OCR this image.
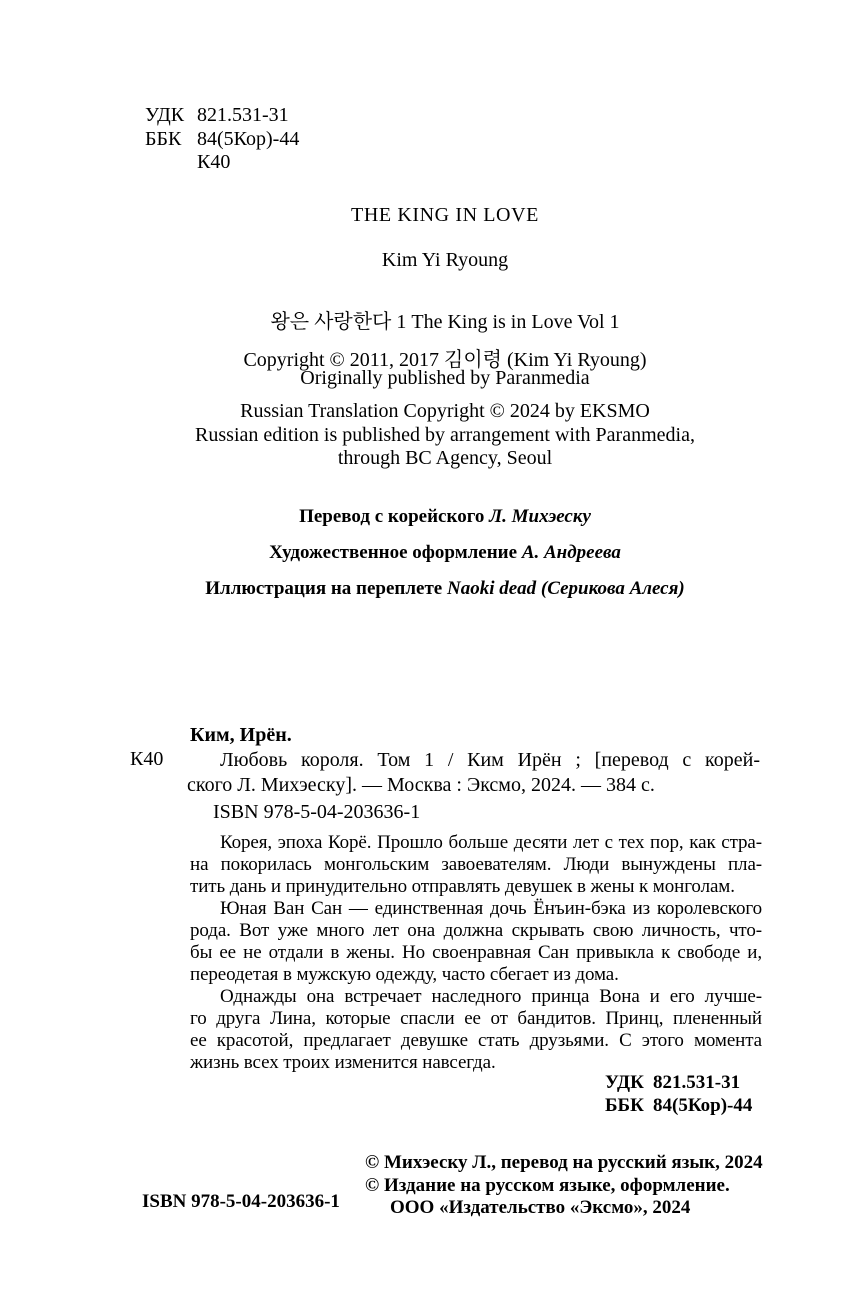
УДК 821.531-31
ББК 84(5Кор)-44
К40
THE KING IN LOVE
Kim Yi Ryoung
왕은 사랑한다 1 The King is in Love Vol 1
Copyright © 2011, 2017 김이령 (Kim Yi Ryoung)
Originally published by Paranmedia
Russian Translation Copyright © 2024 by EKSMO
Russian edition is published by arrangement with Paranmedia,
through BC Agency, Seoul
Перевод с корейского Л. Михэеску
Художественное оформление А. Андреева
Иллюстрация на переплете Naoki dead (Серикова Алеся)
Ким, Ирён.
К40	Любовь короля. Том 1 / Ким Ирён ; [перевод с корей-
ского Л. Михэеску]. — Москва : Эксмо, 2024. — 384 с.
ISBN 978-5-04-203636-1
Корея, эпоха Корё. Прошло больше десяти лет с тех пор, как стра-
на покорилась монгольским завоевателям. Люди вынуждены пла-
тить дань и принудительно отправлять девушек в жены к монголам.
Юная Ван Сан — единственная дочь Ёнъин-бэка из королевского
рода. Вот уже много лет она должна скрывать свою личность, что-
бы ее не отдали в жены. Но своенравная Сан привыкла к свободе и,
переодетая в мужскую одежду, часто сбегает из дома.
Однажды она встречает наследного принца Вона и его лучше-
го друга Лина, которые спасли ее от бандитов. Принц, плененный
ее красотой, предлагает девушке стать друзьями. С этого момента
жизнь всех троих изменится навсегда.
УДК 821.531-31
ББК 84(5Кор)-44
ISBN 978-5-04-203636-1
© Михэеску Л., перевод на русский язык, 2024
© Издание на русском языке, оформление.
ООО «Издательство «Эксмо», 2024
